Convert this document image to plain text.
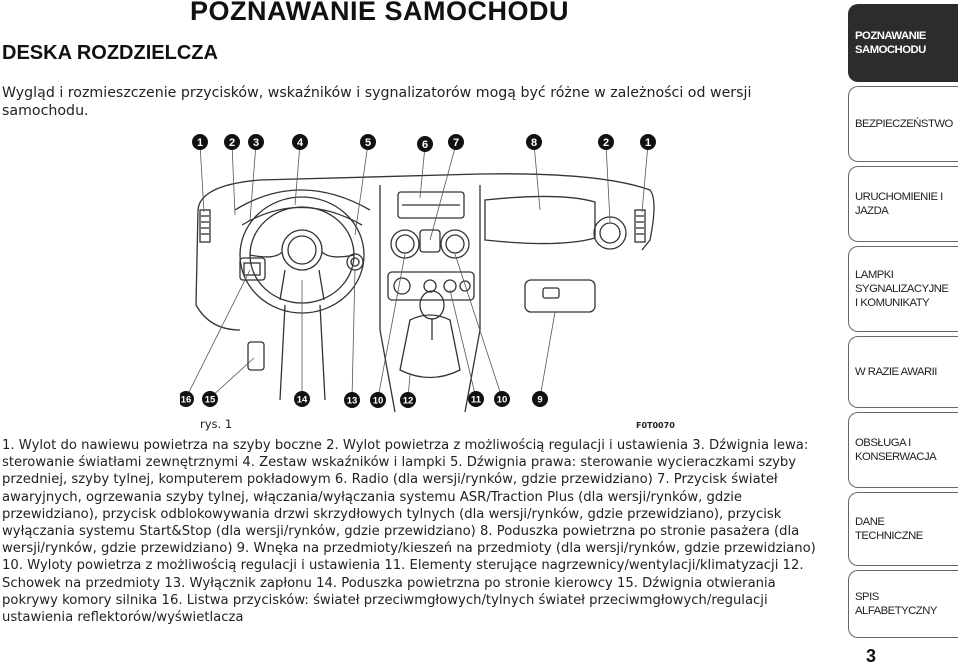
POZNAWANIE SAMOCHODU
DESKA ROZDZIELCZA
Wygląd i rozmieszczenie przycisków, wskaźników i sygnalizatorów mogą być różne w zależności od wersji samochodu.
1 2 3	4	5	6 7	8	2	1
16 15	14	13 10 12	11 10	9
rys. 1	F0T0070
1. Wylot do nawiewu powietrza na szyby boczne 2. Wylot powietrza z możliwością regulacji i ustawienia 3. Dźwignia lewa: sterowanie światłami zewnętrznymi 4. Zestaw wskaźników i lampki 5. Dźwignia prawa: sterowanie wycieraczkami szyby przedniej, szyby tylnej, komputerem pokładowym 6. Radio (dla wersji/rynków, gdzie przewidziano) 7. Przycisk świateł awaryjnych, ogrzewania szyby tylnej, włączania/wyłączania systemu ASR/Traction Plus (dla wersji/rynków, gdzie przewidziano), przycisk odblokowywania drzwi skrzydłowych tylnych (dla wersji/rynków, gdzie przewidziano), przycisk wyłączania systemu Start&Stop (dla wersji/rynków, gdzie przewidziano) 8. Poduszka powietrzna po stronie pasażera (dla wersji/rynków, gdzie przewidziano) 9. Wnęka na przedmioty/kieszeń na przedmioty (dla wersji/rynków, gdzie przewidziano) 10. Wyloty powietrza z możliwością regulacji i ustawienia 11. Elementy sterujące nagrzewnicy/wentylacji/klimatyzacji 12. Schowek na przedmioty 13. Wyłącznik zapłonu 14. Poduszka powietrzna po stronie kierowcy 15. Dźwignia otwierania pokrywy komory silnika 16. Listwa przycisków: świateł przeciwmgłowych/tylnych świateł przeciwmgłowych/regulacji ustawienia reflektorów/wyświetlacza
POZNAWANIE SAMOCHODU
BEZPIECZEŃSTWO
URUCHOMIENIE I JAZDA
LAMPKI SYGNALIZACYJNE I KOMUNIKATY
W RAZIE AWARII
OBSŁUGA I KONSERWACJA
DANE TECHNICZNE
SPIS ALFABETYCZNY
3
